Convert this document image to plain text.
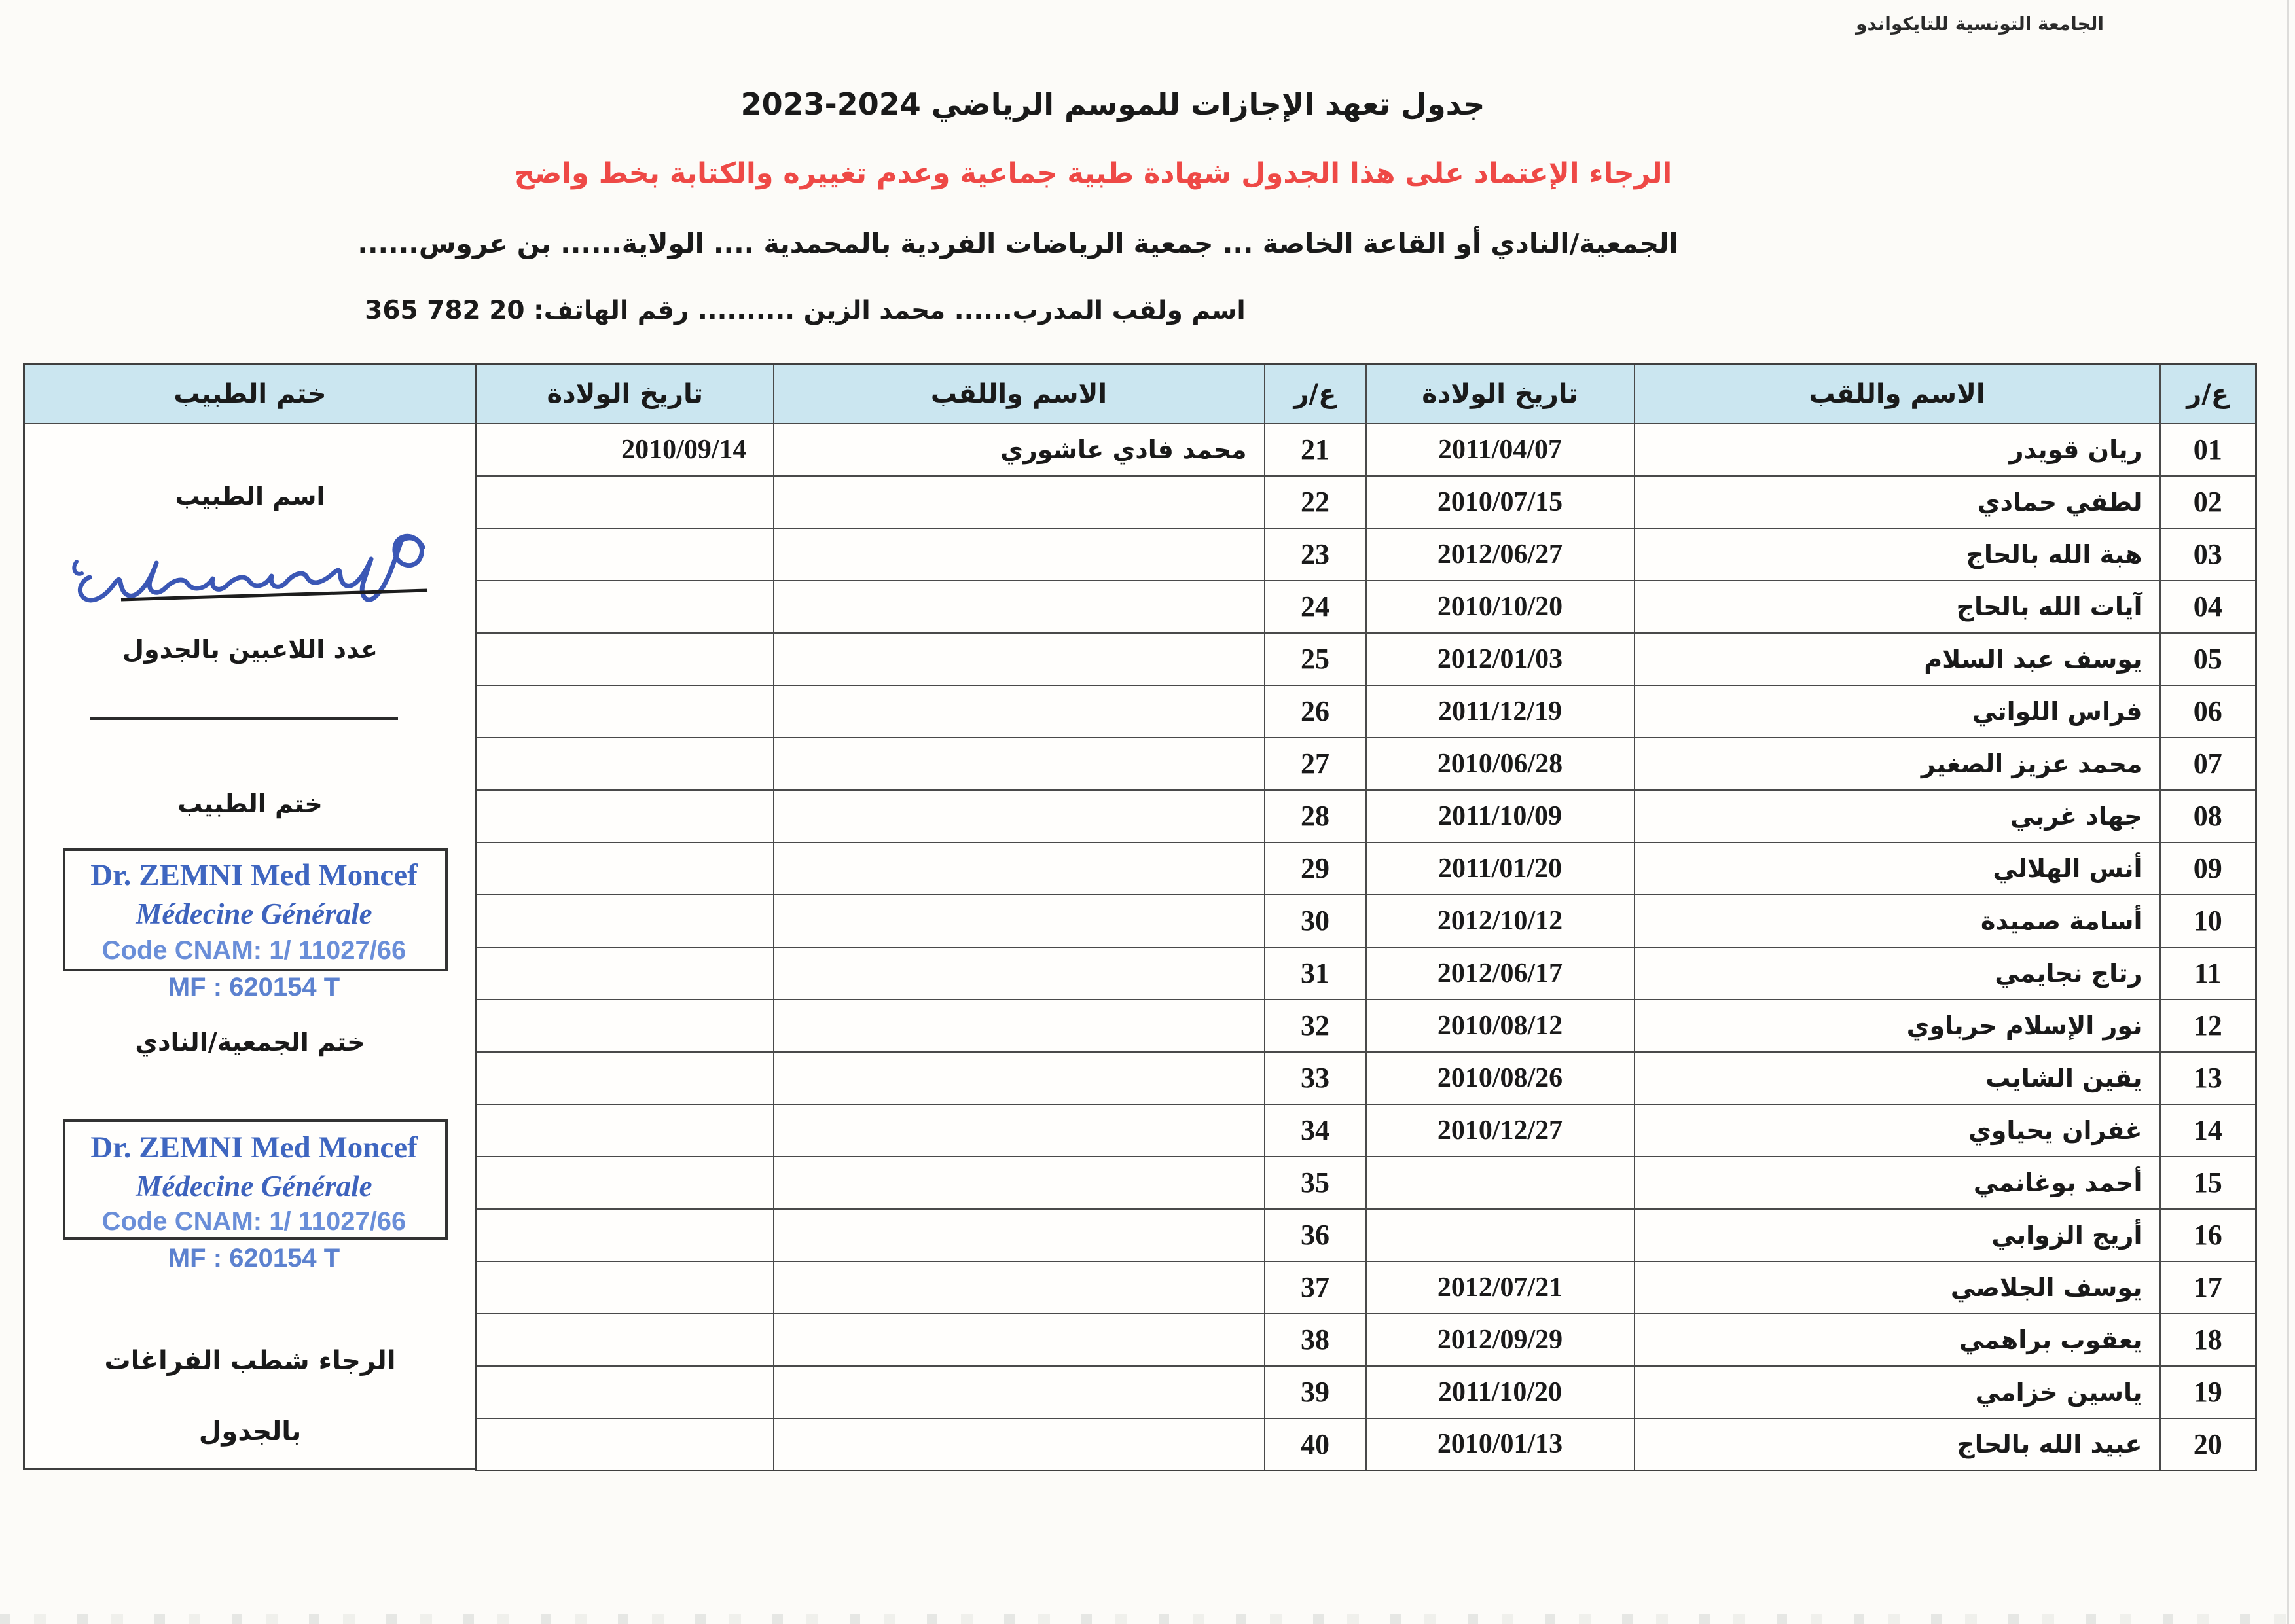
الجامعة التونسية للتايكواندو
جدول تعهد الإجازات للموسم الرياضي 2024-2023
الرجاء الإعتماد على هذا الجدول شهادة طبية جماعية وعدم تغييره والكتابة بخط واضح
الجمعية/النادي أو القاعة الخاصة ... جمعية الرياضات الفردية بالمحمدية .... الولاية...... بن عروس......
اسم ولقب المدرب...... محمد الزين .......... رقم الهاتف: 20 782 365
ختم الطبيب
اسم الطبيب
عدد اللاعبين بالجدول
ختم الطبيب
Dr. ZEMNI Med Moncef
Médecine Générale
Code CNAM: 1/ 11027/66
MF : 620154 T
ختم الجمعية/النادي
Dr. ZEMNI Med Moncef
Médecine Générale
Code CNAM: 1/ 11027/66
MF : 620154 T
الرجاء شطب الفراغات
بالجدول
تاريخ الولادة	الاسم واللقب	ع/ر	تاريخ الولادة	الاسم واللقب	ع/ر
2010/09/14	محمد فادي عاشوري	21	2011/04/07	ريان قويدر	01
		22	2010/07/15	لطفي حمادي	02
		23	2012/06/27	هبة الله بالحاج	03
		24	2010/10/20	آيات الله بالحاج	04
		25	2012/01/03	يوسف عبد السلام	05
		26	2011/12/19	فراس اللواتي	06
		27	2010/06/28	محمد عزيز الصغير	07
		28	2011/10/09	جهاد غربي	08
		29	2011/01/20	أنس الهلالي	09
		30	2012/10/12	أسامة صميدة	10
		31	2012/06/17	رتاج نجايمي	11
		32	2010/08/12	نور الإسلام حرباوي	12
		33	2010/08/26	يقين الشايب	13
		34	2010/12/27	غفران يحياوي	14
		35		أحمد بوغانمي	15
		36		أريج الزوابي	16
		37	2012/07/21	يوسف الجلاصي	17
		38	2012/09/29	يعقوب براهمي	18
		39	2011/10/20	ياسين خزامي	19
		40	2010/01/13	عبيد الله بالحاج	20
